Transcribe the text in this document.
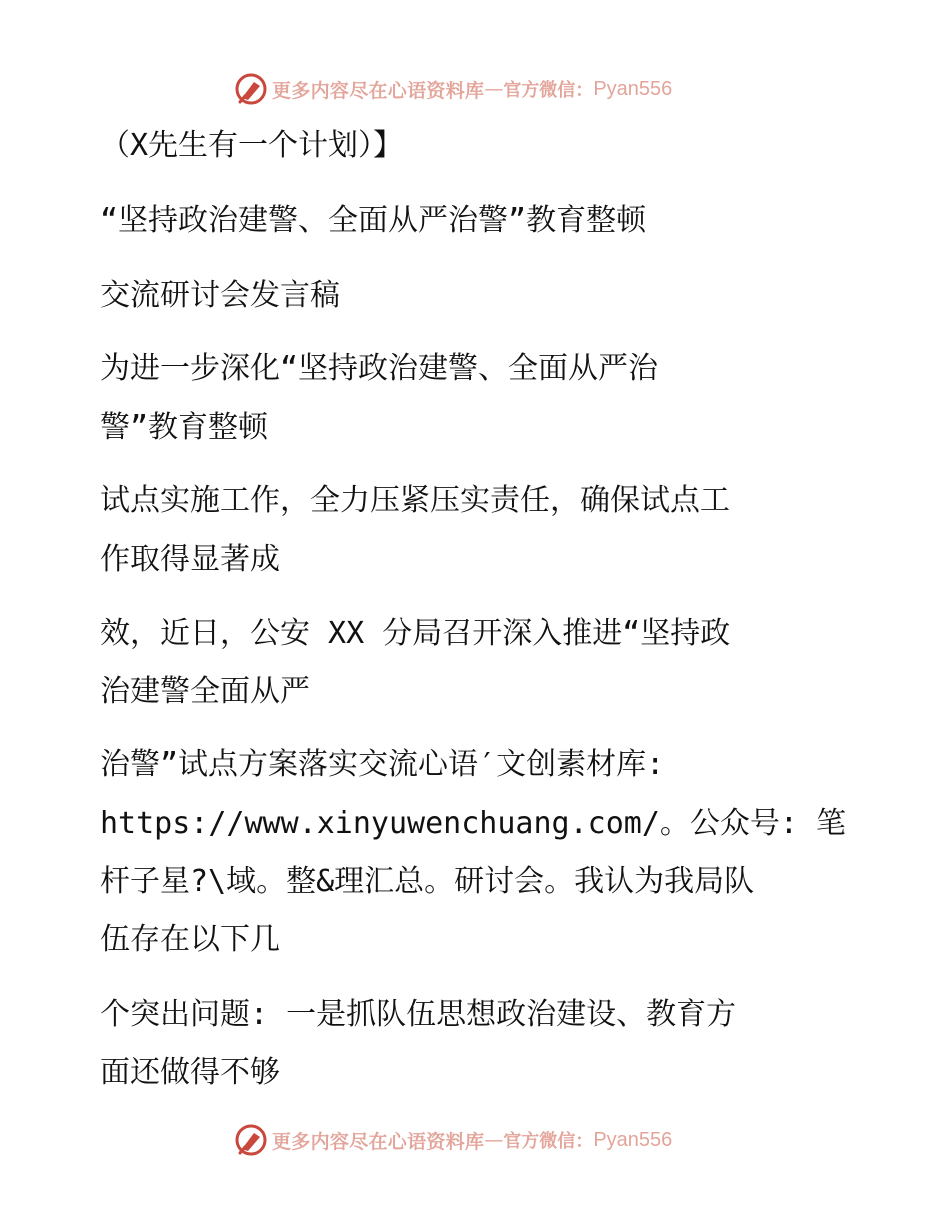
更多内容尽在心语资料库 — 官方微信： Pyan556
（X先生有一个计划）】
“坚持政治建警、全面从严治警”教育整顿
交流研讨会发言稿
为进一步深化“坚持政治建警、全面从严治
警”教育整顿
试点实施工作，全力压紧压实责任，确保试点工
作取得显著成
效，近日，公安 XX 分局召开深入推进“坚持政
治建警全面从严
治警”试点方案落实交流心语′文创素材库:
https://www.xinyuwenchuang.com/。公众号: 笔
杆子星?\域。整&理汇总。研讨会。我认为我局队
伍存在以下几
个突出问题: 一是抓队伍思想政治建设、教育方
面还做得不够
更多内容尽在心语资料库 — 官方微信： Pyan556
